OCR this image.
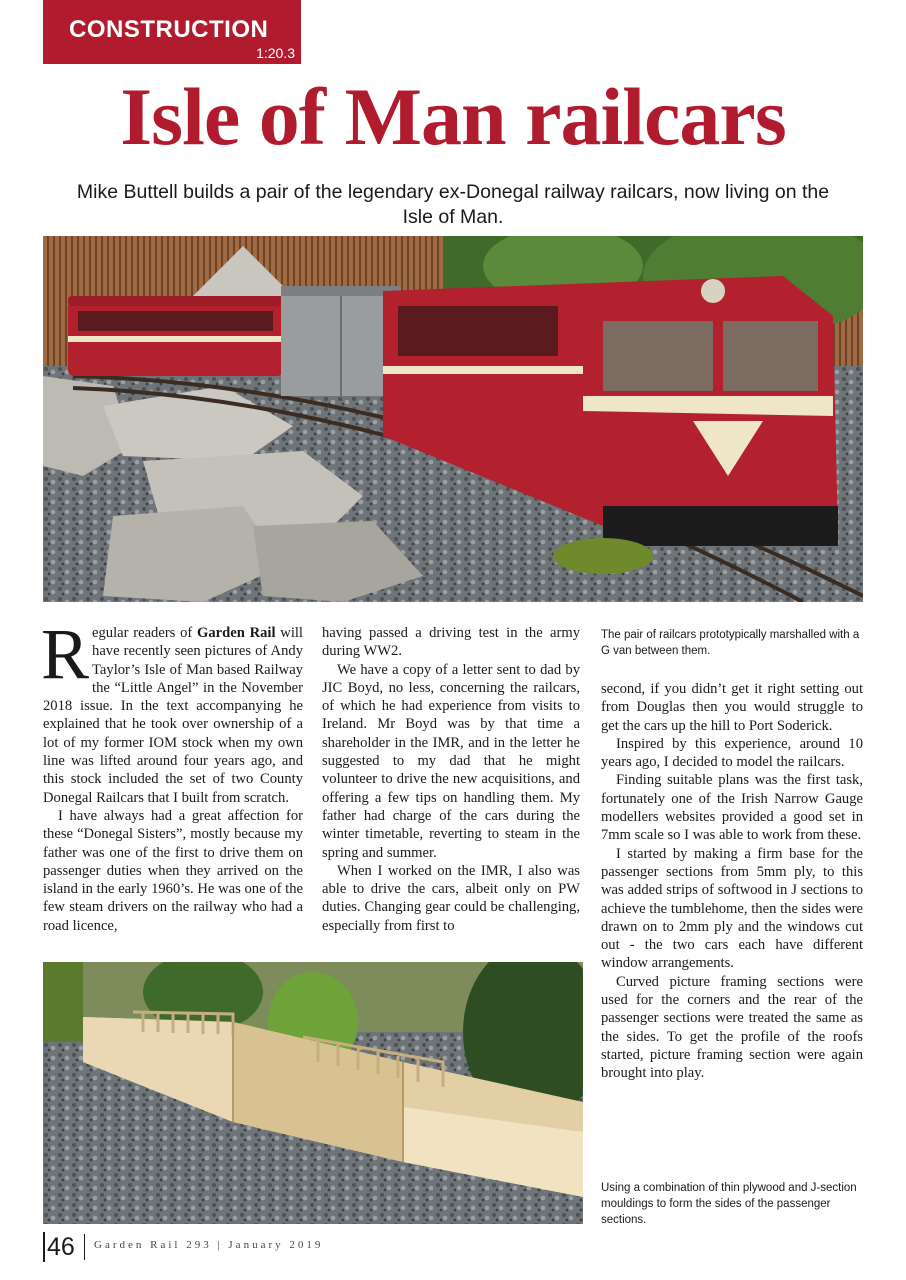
CONSTRUCTION
1:20.3
Isle of Man railcars
Mike Buttell builds a pair of the legendary ex-Donegal railway railcars, now living on the Isle of Man.

Regular readers of Garden Rail will have recently seen pictures of Andy Taylor’s Isle of Man based Railway the “Little Angel” in the November 2018 issue. In the text accompanying he explained that he took over ownership of a lot of my former IOM stock when my own line was lifted around four years ago, and this stock included the set of two County Donegal Railcars that I built from scratch.

I have always had a great affection for these “Donegal Sisters”, mostly because my father was one of the first to drive them on passenger duties when they arrived on the island in the early 1960’s. He was one of the few steam drivers on the railway who had a road licence,

having passed a driving test in the army during WW2.

We have a copy of a letter sent to dad by JIC Boyd, no less, concerning the railcars, of which he had experience from visits to Ireland. Mr Boyd was by that time a shareholder in the IMR, and in the letter he suggested to my dad that he might volunteer to drive the new acquisitions, and offering a few tips on handling them. My father had charge of the cars during the winter timetable, reverting to steam in the spring and summer.

When I worked on the IMR, I also was able to drive the cars, albeit only on PW duties. Changing gear could be challenging, especially from first to

The pair of railcars prototypically marshalled with a G van between them.

second, if you didn’t get it right setting out from Douglas then you would struggle to get the cars up the hill to Port Soderick.

Inspired by this experience, around 10 years ago, I decided to model the railcars.

Finding suitable plans was the first task, fortunately one of the Irish Narrow Gauge modellers websites provided a good set in 7mm scale so I was able to work from these.

I started by making a firm base for the passenger sections from 5mm ply, to this was added strips of softwood in J sections to achieve the tumblehome, then the sides were drawn on to 2mm ply and the windows cut out - the two cars each have different window arrangements.

Curved picture framing sections were used for the corners and the rear of the passenger sections were treated the same as the sides. To get the profile of the roofs started, picture framing section were again brought into play.

Using a combination of thin plywood and J-section mouldings to form the sides of the passenger sections.
46 Garden Rail 293 | January 2019
